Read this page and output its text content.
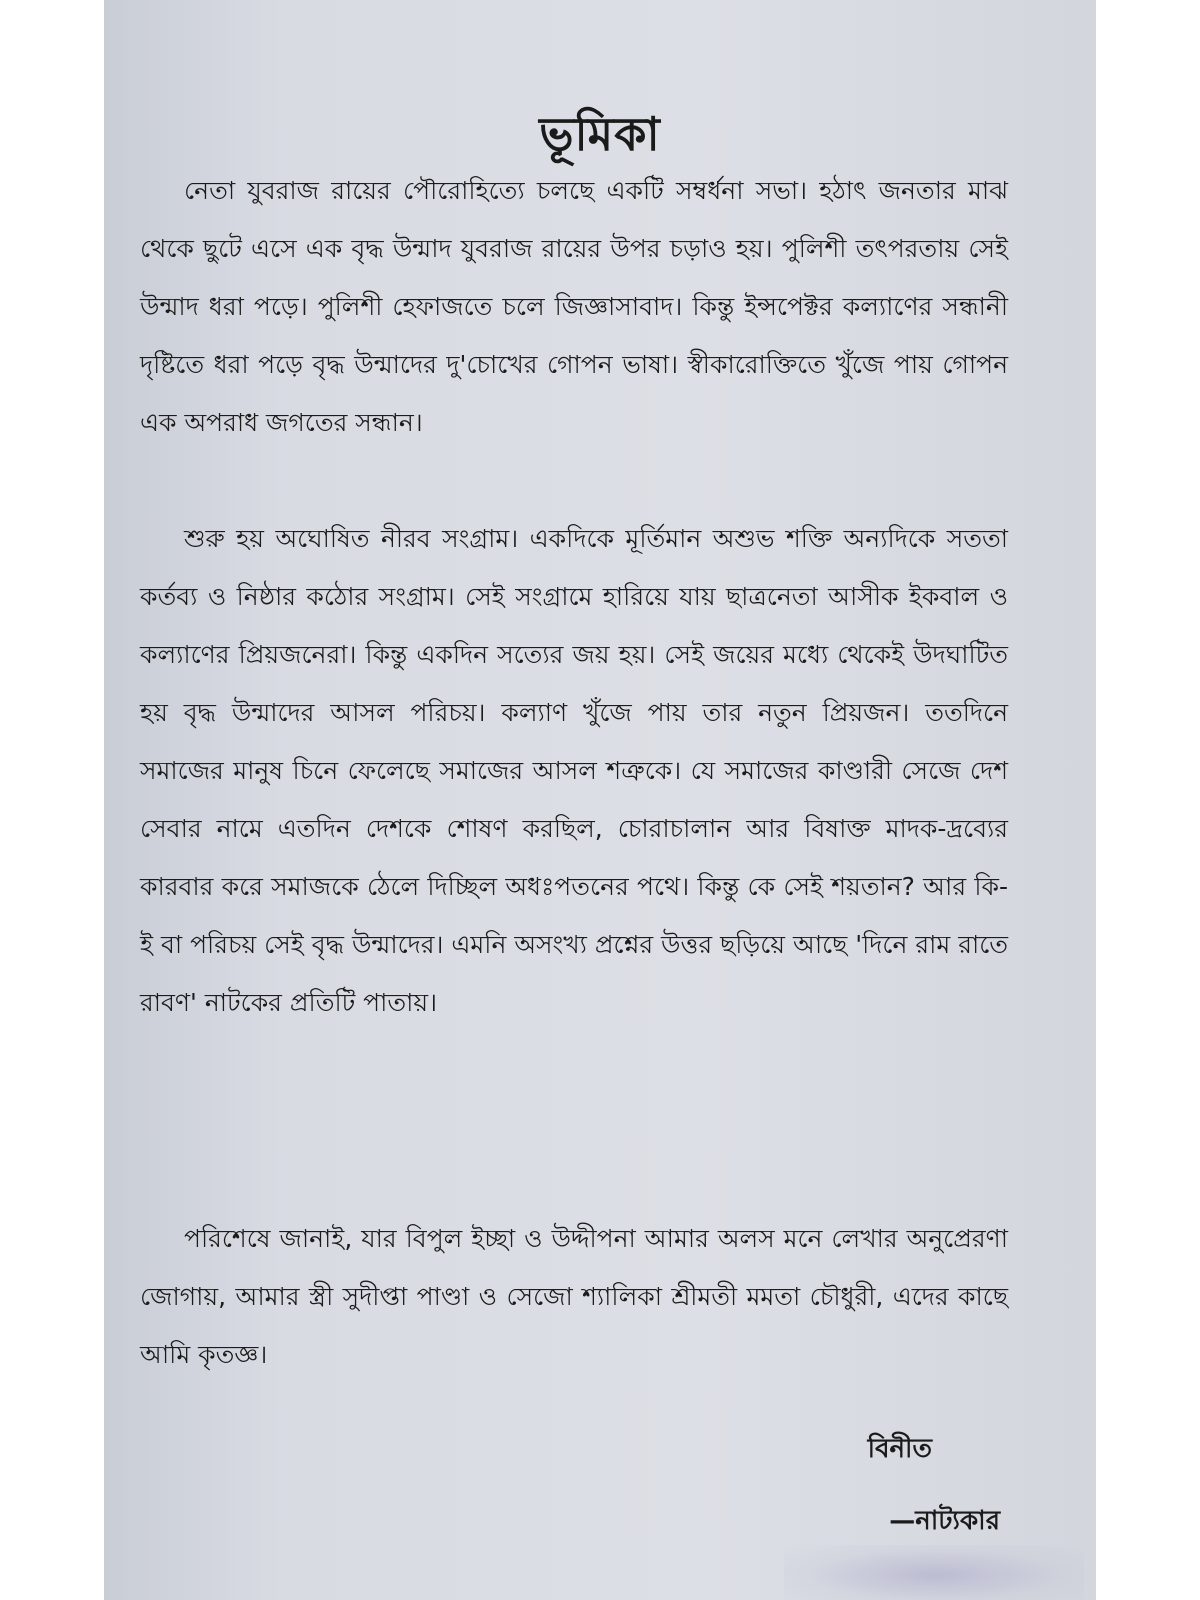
ভূমিকা

নেতা যুবরাজ রায়ের পৌরোহিত্যে চলছে একটি সম্বর্ধনা সভা। হঠাৎ জনতার মাঝ থেকে ছুটে এসে এক বৃদ্ধ উন্মাদ যুবরাজ রায়ের উপর চড়াও হয়। পুলিশী তৎপরতায় সেই উন্মাদ ধরা পড়ে। পুলিশী হেফাজতে চলে জিজ্ঞাসাবাদ। কিন্তু ইন্সপেক্টর কল্যাণের সন্ধানী দৃষ্টিতে ধরা পড়ে বৃদ্ধ উন্মাদের দু'চোখের গোপন ভাষা। স্বীকারোক্তিতে খুঁজে পায় গোপন এক অপরাধ জগতের সন্ধান।

শুরু হয় অঘোষিত নীরব সংগ্রাম। একদিকে মূর্তিমান অশুভ শক্তি অন্যদিকে সততা কর্তব্য ও নিষ্ঠার কঠোর সংগ্রাম। সেই সংগ্রামে হারিয়ে যায় ছাত্রনেতা আসীক ইকবাল ও কল্যাণের প্রিয়জনেরা। কিন্তু একদিন সত্যের জয় হয়। সেই জয়ের মধ্যে থেকেই উদঘাটিত হয় বৃদ্ধ উন্মাদের আসল পরিচয়। কল্যাণ খুঁজে পায় তার নতুন প্রিয়জন। ততদিনে সমাজের মানুষ চিনে ফেলেছে সমাজের আসল শত্রুকে। যে সমাজের কাণ্ডারী সেজে দেশ সেবার নামে এতদিন দেশকে শোষণ করছিল, চোরাচালান আর বিষাক্ত মাদক-দ্রব্যের কারবার করে সমাজকে ঠেলে দিচ্ছিল অধঃপতনের পথে। কিন্তু কে সেই শয়তান? আর কি-ই বা পরিচয় সেই বৃদ্ধ উন্মাদের। এমনি অসংখ্য প্রশ্নের উত্তর ছড়িয়ে আছে 'দিনে রাম রাতে রাবণ' নাটকের প্রতিটি পাতায়।

পরিশেষে জানাই, যার বিপুল ইচ্ছা ও উদ্দীপনা আমার অলস মনে লেখার অনুপ্রেরণা জোগায়, আমার স্ত্রী সুদীপ্তা পাণ্ডা ও সেজো শ্যালিকা শ্রীমতী মমতা চৌধুরী, এদের কাছে আমি কৃতজ্ঞ।

বিনীত
—নাট্যকার
